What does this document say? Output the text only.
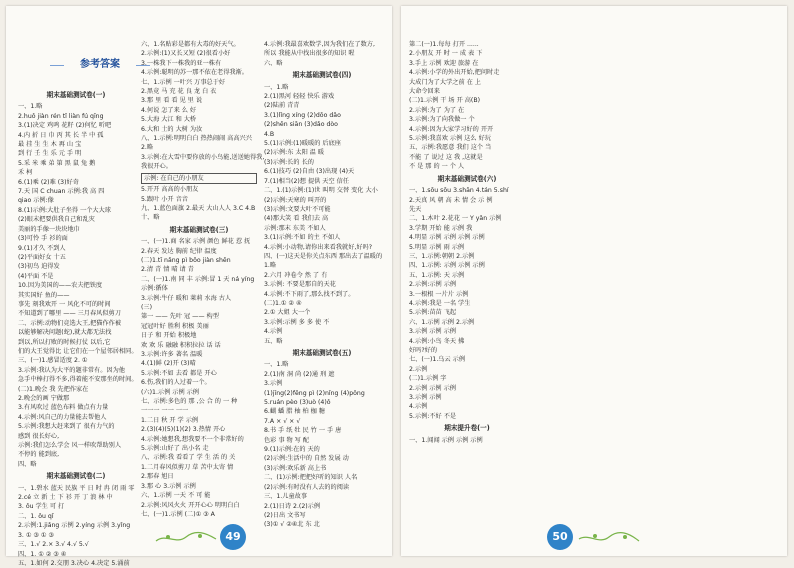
参考答案
期末基础测试卷(一)
一、1.略
2.huǒ jiàn rén tǐ liàn fú qīng
3.(1)决定 鸡鸣 花籽 (2)何忆 听吧
4.内 折 日 巾 丙 其 长 半 中 孤
最 挂 生 生 木 再 山 宝
到 行 壬 生 乐 元 手 明
5.采 米 乘 弟 第 黑 鼠 兔 鹅
禾 柯
6.(1)乘 (2)难 (3)好奇
7.天 国 C chuan 示例:我 高 四
qiao 示例:像
8.(1)示例:大肚子坐得 一个大大球
(2)眼末把要供我自己和乱灾
美丽的手像一块块地巾
(3)可怜 手 衫的面
9.(1)才久 不到人
(2)平面好女 十五
(3)初鸟 迫得发
(4)平面 不是
10.因为美国的——农夫把铁度
其实国好 鱼的——
事先 刻我欢开 一 风化不可的时间
不知道到了哪里 —— 三月春风似剪刀
二、示例:动物们竞选大王,把猫作作被
以能够解决问题(蛇),就大都无法找
到以,所以打败的时候打仗 以后,它
们的大王觉得比 让它们在一个屋邻居相同。
三、(一)1.感冒适度 2. ①
3.示例:我认为大平的题非常有。因为他
急手中棒打得不多,得着能不安那坐的时间。
(二)1.晚会 我 先把作家在
2.晚会的画 宁做那
3.有风吹过 蓝色布料 做点有力量
4.示例:风自己的力量能去帮他人
5.示例:我想大赶来到了 很有力气的
感到 很长好心,
示例:我们怎么学会 风一样吹帮助别人
不停的 能到底,
四、略
期末基础测试卷(二)
一、1.碧水 蓝天 民族 平 日 时 冉 闭 雨 零
2.cé 立 新 土 下 衫 开 丁 浪 林 中
3. ǒu 学生 可 打
二、1. ǒu qǐ
2.示例:1.jiǎng 示例 2.yíng 示例 3.yǐng
3. ① ③ ① ③
三、1.√ 2.× 3.√ 4.√ 5.√
四、1. ① ② ③ ④
五、1.如何 2.交朋 3.决心 4.决定 5.涌前
六、1.名贴彩是都有大毒的好天气。
2.示例:(1)又长又短 (2)很看小好
3.一株我下一株我的亚一株有
4.示例:聪明的苏一那不依在老得我渐。
七、1.示例 一叶兴 万事总于好
2.黑竟 马 充 花 良 龙 白 衣
3.那 里 看 看 见 里 说
4.何说 怎了来 么 好
5.大海 大江 和 大桥
6.大和 土的 大树 为汝
八、1.示例:明明白白 热热闹闹 高高兴兴
2.略
3.示例:在大雪中要你放的小鸟能,送送她得我,
我很开心。
示例: 在自己的小朋友
5.开开 高高的小朋友
5.跟叶 小开 音音
九、1.蓝色面旗 2.最天 大山人人 3.C 4.B
十、略
期末基础测试卷(三)
一、(一)1.商 名家 示例 颜色 鲜花 惹 抚
2.春天 发达 胸前 纪律 温度
(二)1.tī nǎng pì bōo jiàn shēn
2.清 青 情 晴 请 青
二、(一)1.南 同 丰 示例:冒 1 天 ná yíng
示例:循体
3.示例:牛仔 暖和 莱莉 水海 古人
(三)
第一 —— 先叶 冠 —— 构型
冠冠叶好 胜利 积极 美丽
日子 和 开始 积极地
欢 欢 乐 融融 积积拉拉 话 话
3.示例:许多 著名 温暖
4.(1)鲜 (2)开 (3)晴
5.示例:不如 去看 都是 开心
6.伤,我们的人过着一个。
(六)1.示例 示例 示例
七、示例:多色的 那 ,公 合 的 一 种
一一一 一一 一一
1.二日 秋 开 学 示例
2.(3)(4)(5)(1)(2) 3.热情 开心
4.示例:她想我,想我要不一个非常好的
5.示例:山好了 出小名 走
八、示例:我 看看了 学 生 活 的 关
1.二月春风似剪刀 草 苦中太寄 情
2.那春 旭日
3.那 心 3.示例 示例
六、1.示例 一天 不 可 能
2.示例:风风火火 开开心心 明明白白
七、(一)1.示例 (二)① ③ A
4.示例:我最喜欢数学,因为我们在了数方,
所以 我能从中找出很多的知识 喔
六、略
期末基础测试卷(四)
一、1.略
2.(1)黑河 轻轻 快乐 游戏
(2)陆前 青青
3.(1)lǐnɡ xíng (2)dōo dǎo
(2)shēn siān (3)dǎo dòo
4.B
5.(1)示例:(1)暖暖的 后底座
(2)示例:东 太阳 温 暖
(3)示例:长的 长的
6.(1)技巧 (2)自由 (3)出现 (4)天
7.(1)相当(2)想 提供 天空 信任
二、1.(1)示例:(1)世 叫明 交替 变化 大小
(2)示例:天寒的 叫开的
(3)示例:文要大叶不可能
(4)那大笑 看 我们去 高
示例:那末 东美 不如人
3.(1)示例:不如 的主 不如人
4.示例:小动物,请你出来看我就好,好吗?
四、(一)这天是你关点东西 那出去了温暖的
1.略
2.六月 冲卷令 然 了 冇
3.示例: 不要是那自的天花
4.示例:不下雨了,那么找不到了。
(二)1.① ② ④
2.① 大姐 大一个
3.示例:示例 多 多 使 不
4.示例
五、略
期末基础测试卷(五)
一、1.略
2.(1)南 洞 尚 (2)通 刑 遮
3.示例
(1)jīng(2)fēng pì (2)nǐng (4)pǒng
5.ruán pèo (3)uò (4)ǒ
6.蝴 蟠 腊 柚 柏 枷 糖
7.A × √ × √
8.书 手 纸 牡 民 竹 一 手 唐
色彩 事 物 写 配
9.(1)示例:在的 天的
(2)示例:生活中的 自然 发展 动
(3)示例:欢乐新 高上书
二、(1)示例:把把好听的知识 人名
(2)示例:有时没有人去的的阅读
三、1.儿童故事
2.(1)日诗 2.(2)示例
(2)日出 文书写
(3)① √ ②④北 东 北
49
第二(一)1.每每 打开 ......
2.小朋友 开 时 一 成 表 下
3.手上 示例 欢迎 旅游 在
4.示例:小学的外出开始,把问时走
大成门为了大学之前 在 上
大命令回来
(二)1.示例 干 场 开 高(B)
2.示例:为了 为了 在
3.示例:为了向我做一 个
4.示例:因为大家学习好的 开开
5.示例:我喜欢 示例 这么 好玩
五、示例:我愿意 我们 这个 当
不能 了 说过 这 我 ,这就是
不 是 那 的 一 个 人
期末基础测试卷(六)
一、1.sōu sōu 3.shān 4.tán 5.shí
2.天真 风 朝 高 未 情 会 示 例
先天
二、1.木叶 2.花花 一 Y yǎn 示例
3.学期 开始 能 示例 我
4.明显 示例 示例 示例 示例
5.明显 示例 雨 示例
三、1.示例:朝朝 2.示例
四、1.示例: 示例 示例 示例
五、1.示例: 天 示例
2.示例:示例 示例
3.一根根 一片片 示例
4.示例:我是 一名 学生
5.示例:苗苗 飞起
六、1.示例 示例 2.示例
3.示例 示例 示例
4.示例:小鸟 冬天 拂
好吗?好的
七、(一)1.乌云 示例
2.示例
(二)1.示例 字
2.示例 示例 示例
3.示例 示例
4.示例
5.示例:不好 不是
期末提升卷(一)
一、1.闻闻 示例 示例 示例
50
